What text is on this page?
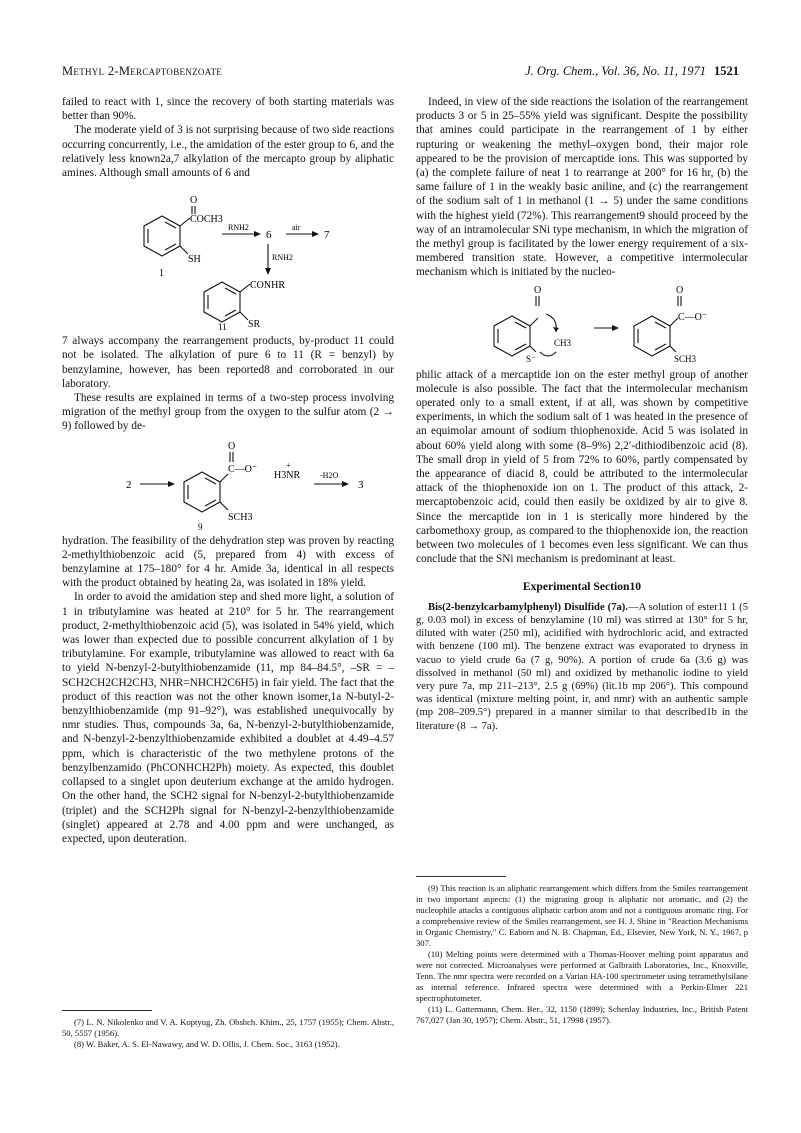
Methyl 2-Mercaptobenzoate	J. Org. Chem., Vol. 36, No. 11, 1971 1521

failed to react with 1, since the recovery of both starting materials was better than 90%.

The moderate yield of 3 is not surprising because of two side reactions occurring concurrently, i.e., the amidation of the ester group to 6, and the relatively less known2a,7 alkylation of the mercapto group by aliphatic amines. Although small amounts of 6 and

O
COCH3
SH
1
RNH2
6
air
7
RNH2
CONHR
SR
11

7 always accompany the rearrangement products, by-product 11 could not be isolated. The alkylation of pure 6 to 11 (R = benzyl) by benzylamine, however, has been reported8 and corroborated in our laboratory.

These results are explained in terms of a two-step process involving migration of the methyl group from the oxygen to the sulfur atom (2 → 9) followed by de-

2
O
C—O⁻	+
H3NR -H2O
3
SCH3
9

hydration. The feasibility of the dehydration step was proven by reacting 2-methylthiobenzoic acid (5, prepared from 4) with excess of benzylamine at 175–180° for 4 hr. Amide 3a, identical in all respects with the product obtained by heating 2a, was isolated in 18% yield.

In order to avoid the amidation step and shed more light, a solution of 1 in tributylamine was heated at 210° for 5 hr. The rearrangement product, 2-methylthiobenzoic acid (5), was isolated in 54% yield, which was lower than expected due to possible concurrent alkylation of 1 by tributylamine. For example, tributylamine was allowed to react with 6a to yield N-benzyl-2-butylthiobenzamide (11, mp 84–84.5°, –SR = –SCH2CH2CH2CH3, NHR=NHCH2C6H5) in fair yield. The fact that the product of this reaction was not the other known isomer,1a N-butyl-2-benzylthiobenzamide (mp 91–92°), was established unequivocally by nmr studies. Thus, compounds 3a, 6a, N-benzyl-2-butylthiobenzamide, and N-benzyl-2-benzylthiobenzamide exhibited a doublet at 4.49–4.57 ppm, which is characteristic of the two methylene protons of the benzylbenzamido (PhCONHCH2Ph) moiety. As expected, this doublet collapsed to a singlet upon deuterium exchange at the amido hydrogen. On the other hand, the SCH2 signal for N-benzyl-2-butylthiobenzamide (triplet) and the SCH2Ph signal for N-benzyl-2-benzylthiobenzamide (singlet) appeared at 2.78 and 4.00 ppm and were unchanged, as expected, upon deuteration.

(7) L. N. Nikolenko and V. A. Koptyug, Zh. Obshch. Khim., 25, 1757 (1955); Chem. Abstr., 50, 5557 (1956).

(8) W. Baker, A. S. El-Nawawy, and W. D. Ollis, J. Chem. Soc., 3163 (1952).

Indeed, in view of the side reactions the isolation of the rearrangement products 3 or 5 in 25–55% yield was significant. Despite the possibility that amines could participate in the rearrangement of 1 by either rupturing or weakening the methyl–oxygen bond, their major role appeared to be the provision of mercaptide ions. This was supported by (a) the complete failure of neat 1 to rearrange at 200° for 16 hr, (b) the same failure of 1 in the weakly basic aniline, and (c) the rearrangement of the sodium salt of 1 in methanol (1 → 5) under the same conditions with the highest yield (72%). This rearrangement9 should proceed by the way of an intramolecular SNi type mechanism, in which the migration of the methyl group is facilitated by the lower energy requirement of a six-membered transition state. However, a competitive intermolecular mechanism which is initiated by the nucleo-

O
CH3
S⁻
O
C—O⁻
SCH3

philic attack of a mercaptide ion on the ester methyl group of another molecule is also possible. The fact that the intermolecular mechanism operated only to a small extent, if at all, was shown by competitive experiments, in which the sodium salt of 1 was heated in the presence of an equimolar amount of sodium thiophenoxide. Acid 5 was isolated in about 60% yield along with some (8–9%) 2,2′-dithiodibenzoic acid (8). The small drop in yield of 5 from 72% to 60%, partly compensated by the appearance of diacid 8, could be attributed to the intermolecular attack of the thiophenoxide ion on 1. The product of this attack, 2-mercaptobenzoic acid, could then easily be oxidized by air to give 8. Since the mercaptide ion in 1 is sterically more hindered by the carbomethoxy group, as compared to the thiophenoxide ion, the reaction between two molecules of 1 becomes even less significant. We can thus conclude that the SNi mechanism is predominant at least.

Experimental Section10

Bis(2-benzylcarbamylphenyl) Disulfide (7a).—A solution of ester11 1 (5 g, 0.03 mol) in excess of benzylamine (10 ml) was stirred at 130° for 5 hr, diluted with water (250 ml), acidified with hydrochloric acid, and extracted with benzene (100 ml). The benzene extract was evaporated to dryness in vacuo to yield crude 6a (7 g, 90%). A portion of crude 6a (3.6 g) was dissolved in methanol (50 ml) and oxidized by methanolic iodine to yield very pure 7a, mp 211–213°, 2.5 g (69%) (lit.1b mp 206°). This compound was identical (mixture melting point, ir, and nmr) with an authentic sample (mp 208–209.5°) prepared in a manner similar to that described1b in the literature (8 → 7a).

(9) This reaction is an aliphatic rearrangement which differs from the Smiles rearrangement in two important aspects: (1) the migrating group is aliphatic not aromatic, and (2) the nucleophile attacks a contiguous aliphatic carbon atom and not a contiguous aromatic ring. For a comprehensive review of the Smiles rearrangement, see H. J. Shine in "Reaction Mechanisms in Organic Chemistry," C. Eaborn and N. B. Chapman, Ed., Elsevier, New York, N. Y., 1967, p 307.

(10) Melting points were determined with a Thomas-Hoover melting point apparatus and were not corrected. Microanalyses were performed at Galbraith Laboratories, Inc., Knoxville, Tenn. The nmr spectra were recorded on a Varian HA-100 spectrometer using tetramethylsilane as internal reference. Infrared spectra were determined with a Perkin-Elmer 221 spectrophotometer.

(11) L. Gattermann, Chem. Ber., 32, 1150 (1899); Schenlay Industries, Inc., British Patent 767,027 (Jan 30, 1957); Chem. Abstr., 51, 17998 (1957).
